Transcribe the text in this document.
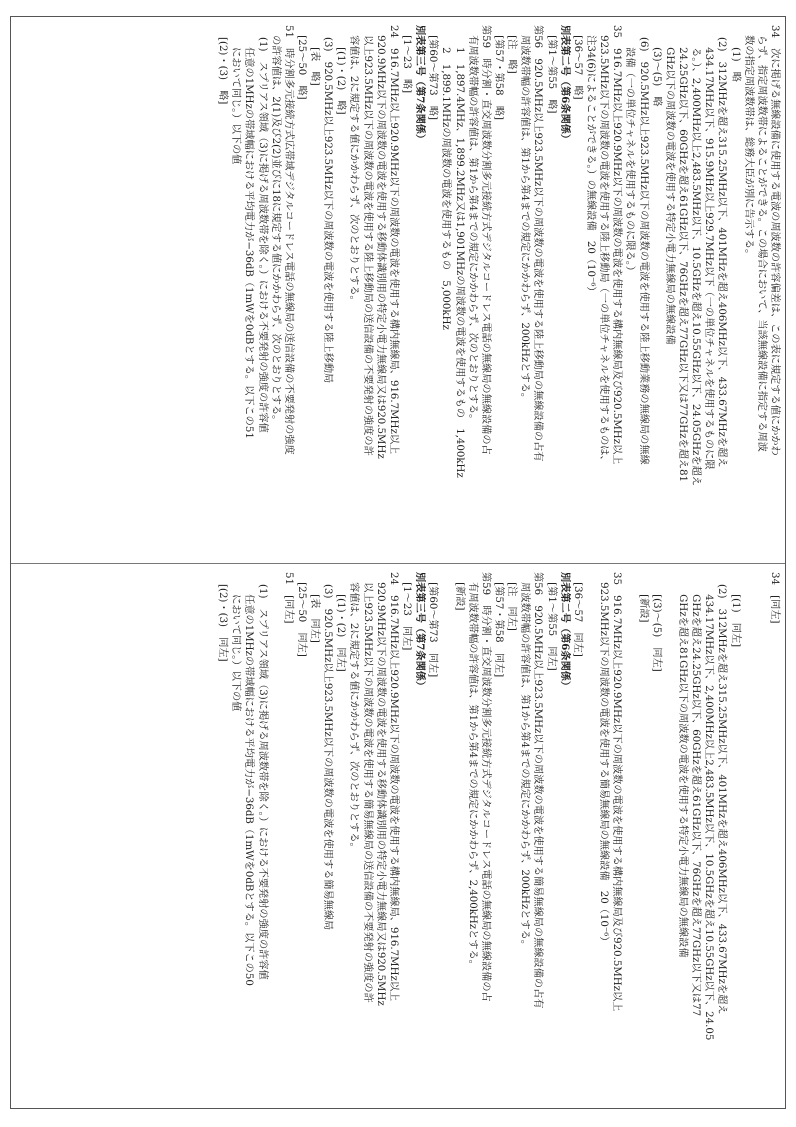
34　次に掲げる無線設備に使用する電波の周波数の許容偏差は、この表に規定する値にかかわ
　らず、指定周波数帯によることができる。この場合において、当該無線設備に指定する周波
　数の指定周波数帯は、総務大臣が別に告示する。
　(1)　略
(2)　312MHzを超え315.25MHz以下、401MHzを超え406MHz以下、433.67MHzを超え
　434.17MHz以下、915.9MHz以上929.7MHz以下（一の単位チャネルを使用するものに限
　る。）、2,400MHz以上2,483.5MHz以下、10.5GHzを超え10.55GHz以下、24.05GHzを超え
　24.25GHz以下、60GHzを超え61GHz以下、76GHzを超え77GHz以下又は77GHzを超え81
　GHz以下の周波数の電波を使用する特定小電力無線局の無線設備
　(3)～(5)　略
(6)　920.5MHz以上923.5MHz以下の周波数の電波を使用する陸上移動業務の無線局の無線
　設備（一の単位チャネルを使用するものに限る。）
35　916.7MHz以上920.9MHz以下の周波数の電波を使用する構内無線局及び920.5MHz以上
　923.5MHz以下の周波数の電波を使用する陸上移動局（一の単位チャネルを使用するものは、
　注34(6)によることができる。）の無線設備　20（10⁻⁶）
　[36～57　略]
別表第二号（第6条関係）
　[第1～第55　略]
第56　920.5MHz以上923.5MHz以下の周波数の電波を使用する陸上移動局の無線設備の占有
　周波数帯幅の許容値は、第1から第4までの規定にかかわらず、200kHzとする。
　[注　略]
　[第57・第58　略]
第59　時分割・直交周波数分割多元接続方式デジタルコードレス電話の無線局の無線設備の占
　有周波数帯幅の許容値は、第1から第4までの規定にかかわらず、次のとおりとする。
　1　1,897.4MHz、1,899.2MHz又は1,901MHzの周波数の電波を使用するもの　1,400kHz
　2　1,899.1MHzの周波数の電波を使用するもの　5,000kHz
　[第60～第73　略]
別表第三号（第7条関係）
　[1～23　略]
24　916.7MHz以上920.9MHz以下の周波数の電波を使用する構内無線局、916.7MHz以上
　920.9MHz以下の周波数の電波を使用する移動体識別用の特定小電力無線局又は920.5MHz
　以上923.5MHz以下の周波数の電波を使用する陸上移動局の送信設備の不要発射の強度の許
　容値は、2に規定する値にかかわらず、次のとおりとする。
　[(1)・(2)　略]
(3)　920.5MHz以上923.5MHz以下の周波数の電波を使用する陸上移動局
　[表　略]
　[25～50　略]
51　時分割多元接続方式広帯域デジタルコードレス電話の無線局の送信設備の不要発射の強度
　の許容値は、2(1)及び2(2)並びに18に規定する値にかかわらず、次のとおりとする。
(1)　スプリアス領域（3)に掲げる周波数帯を除く。）における不要発射の強度の許容値
　任意の1MHzの帯域幅における平均電力が−36dB（1mWを0dBとする。以下この51
　において同じ。）以下の値
[(2)・(3)　略]
34　[同左]
　[(1)　同左]
(2)　312MHzを超え315.25MHz以下、401MHzを超え406MHz以下、433.67MHzを超え
　434.17MHz以下、2,400MHz以上2,483.5MHz以下、10.5GHzを超え10.55GHz以下、24.05
　GHzを超え24.25GHz以下、60GHzを超え61GHz以下、76GHzを超え77GHz以下又は77
　GHzを超え81GHz以下の周波数の電波を使用する特定小電力無線局の無線設備
　[(3)～(5)　同左]
　[新設]
35　916.7MHz以上920.9MHz以下の周波数の電波を使用する構内無線局及び920.5MHz以上
　923.5MHz以下の周波数の電波を使用する簡易無線局の無線設備　20（10⁻⁶）
　[36～57　同左]
別表第二号（第6条関係）
　[第1～第55　同左]
第56　920.5MHz以上923.5MHz以下の周波数の電波を使用する簡易無線局の無線設備の占有
　周波数帯幅の許容値は、第1から第4までの規定にかかわらず、200kHzとする。
　[注　同左]
　[第57・第58　同左]
第59　時分割・直交周波数分割多元接続方式デジタルコードレス電話の無線局の無線設備の占
　有周波数帯幅の許容値は、第1から第4までの規定にかかわらず、2,400kHzとする。
　[新設]
　[第60～第73　同左]
別表第三号（第7条関係）
　[1～23　同左]
24　916.7MHz以上920.9MHz以下の周波数の電波を使用する構内無線局、916.7MHz以上
　920.9MHz以下の周波数の電波を使用する移動体識別用の特定小電力無線局又は920.5MHz
　以上923.5MHz以下の周波数の電波を使用する簡易無線局の送信設備の不要発射の強度の許
　容値は、2に規定する値にかかわらず、次のとおりとする。
　[(1)・(2)　同左]
(3)　920.5MHz以上923.5MHz以下の周波数の電波を使用する簡易無線局
　[表　同左]
　[25～50　同左]
51　[同左]
(1)　スプリアス領域（3)に掲げる周波数帯を除く。）における不要発射の強度の許容値
　任意の1MHzの帯域幅における平均電力が−36dB（1mWを0dBとする。以下この50
　において同じ。）以下の値
[(2)・(3)　同左]
